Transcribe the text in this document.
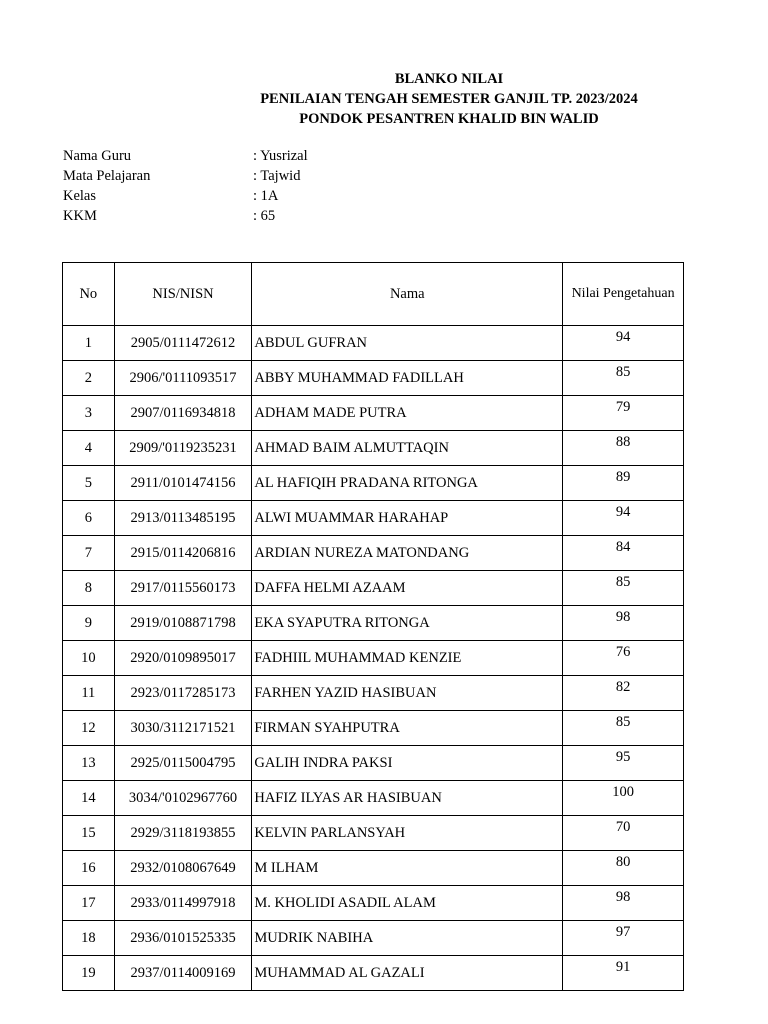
BLANKO NILAI
PENILAIAN TENGAH SEMESTER GANJIL TP. 2023/2024
PONDOK PESANTREN KHALID BIN WALID
Nama Guru	: Yusrizal
Mata Pelajaran	: Tajwid
Kelas	: 1A
KKM	: 65
No	NIS/NISN	Nama	Nilai Pengetahuan
1	2905/0111472612	ABDUL GUFRAN	94
2	2906/'0111093517	ABBY MUHAMMAD FADILLAH	85
3	2907/0116934818	ADHAM MADE PUTRA	79
4	2909/'0119235231	AHMAD BAIM ALMUTTAQIN	88
5	2911/0101474156	AL HAFIQIH PRADANA RITONGA	89
6	2913/0113485195	ALWI MUAMMAR HARAHAP	94
7	2915/0114206816	ARDIAN NUREZA MATONDANG	84
8	2917/0115560173	DAFFA HELMI AZAAM	85
9	2919/0108871798	EKA SYAPUTRA RITONGA	98
10	2920/0109895017	FADHIIL MUHAMMAD KENZIE	76
11	2923/0117285173	FARHEN YAZID HASIBUAN	82
12	3030/3112171521	FIRMAN SYAHPUTRA	85
13	2925/0115004795	GALIH INDRA PAKSI	95
14	3034/'0102967760	HAFIZ ILYAS AR HASIBUAN	100
15	2929/3118193855	KELVIN PARLANSYAH	70
16	2932/0108067649	M ILHAM	80
17	2933/0114997918	M. KHOLIDI ASADIL ALAM	98
18	2936/0101525335	MUDRIK NABIHA	97
19	2937/0114009169	MUHAMMAD AL GAZALI	91
